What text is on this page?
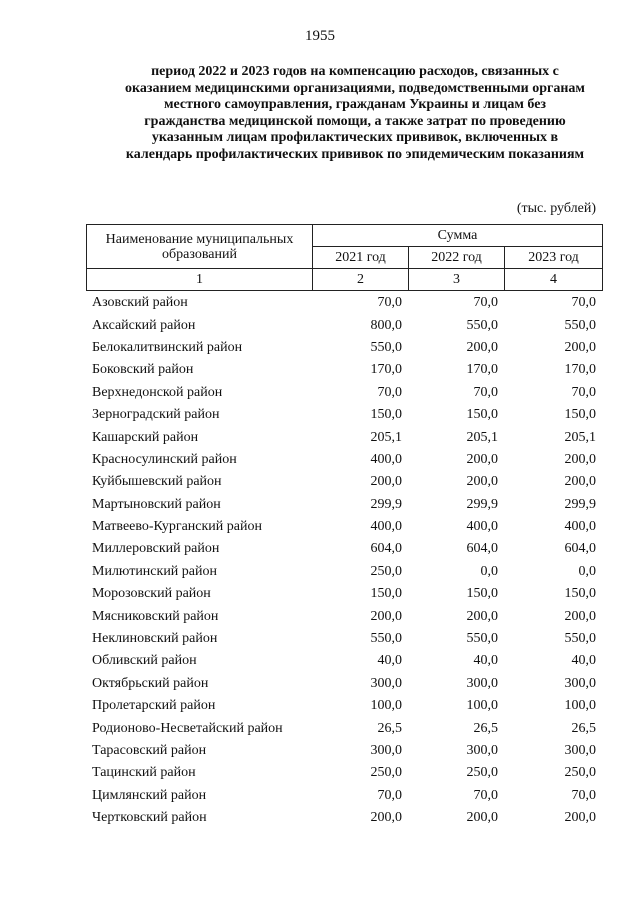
1955
период 2022 и 2023 годов на компенсацию расходов, связанных с
оказанием медицинскими организациями, подведомственными органам
местного самоуправления, гражданам Украины и лицам без
гражданства медицинской помощи, а также затрат по проведению
указанным лицам профилактических прививок, включенных в
календарь профилактических прививок по эпидемическим показаниям
(тыс. рублей)
Наименование муниципальных образований	Сумма		
	2021 год	2022 год	2023 год
1	2	3	4
Азовский район	70,0	70,0	70,0
Аксайский район	800,0	550,0	550,0
Белокалитвинский район	550,0	200,0	200,0
Боковский район	170,0	170,0	170,0
Верхнедонской район	70,0	70,0	70,0
Зерноградский район	150,0	150,0	150,0
Кашарский район	205,1	205,1	205,1
Красносулинский район	400,0	200,0	200,0
Куйбышевский район	200,0	200,0	200,0
Мартыновский район	299,9	299,9	299,9
Матвеево-Курганский район	400,0	400,0	400,0
Миллеровский район	604,0	604,0	604,0
Милютинский район	250,0	0,0	0,0
Морозовский район	150,0	150,0	150,0
Мясниковский район	200,0	200,0	200,0
Неклиновский район	550,0	550,0	550,0
Обливский район	40,0	40,0	40,0
Октябрьский район	300,0	300,0	300,0
Пролетарский район	100,0	100,0	100,0
Родионово-Несветайский район	26,5	26,5	26,5
Тарасовский район	300,0	300,0	300,0
Тацинский район	250,0	250,0	250,0
Цимлянский район	70,0	70,0	70,0
Чертковский район	200,0	200,0	200,0
